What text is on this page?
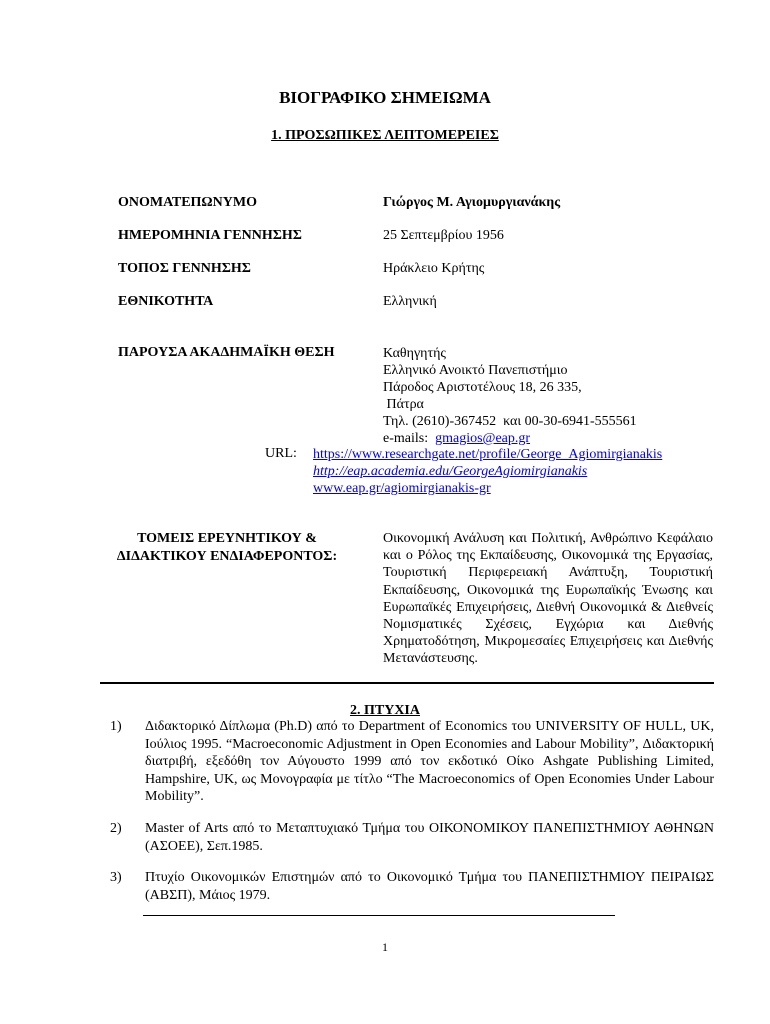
ΒΙΟΓΡΑΦΙΚΟ ΣΗΜΕΙΩΜΑ
1. ΠΡΟΣΩΠΙΚΕΣ ΛΕΠΤΟΜΕΡΕΙΕΣ
ΟΝΟΜΑΤΕΠΩΝΥΜΟ	Γιώργος Μ. Αγιομυργιανάκης
ΗΜΕΡΟΜΗΝΙΑ ΓΕΝΝΗΣΗΣ	25 Σεπτεμβρίου 1956
ΤΟΠΟΣ ΓΕΝΝΗΣΗΣ	Ηράκλειο Κρήτης
ΕΘΝΙΚΟΤΗΤΑ	Ελληνική
ΠΑΡΟΥΣΑ ΑΚΑΔΗΜΑΪΚΗ ΘΕΣΗ	Καθηγητής
Ελληνικό Ανοικτό Πανεπιστήμιο
Πάροδος Αριστοτέλους 18, 26 335,
Πάτρα
Τηλ. (2610)-367452  και 00-30-6941-555561
e-mails: gmagios@eap.gr
URL: https://www.researchgate.net/profile/George_Agiomirgianakis
http://eap.academia.edu/GeorgeAgiomirgianakis
www.eap.gr/agiomirgianakis-gr
ΤΟΜΕΙΣ ΕΡΕΥΝΗΤΙΚΟΥ &
ΔΙΔΑΚΤΙΚΟΥ ΕΝΔΙΑΦΕΡΟΝΤΟΣ:
Οικονομική Ανάλυση και Πολιτική, Ανθρώπινο Κεφάλαιο και ο Ρόλος της Εκπαίδευσης, Οικονομικά της Εργασίας, Τουριστική Περιφερειακή Ανάπτυξη, Τουριστική Εκπαίδευσης, Οικονομικά της Ευρωπαϊκής Ένωσης και Ευρωπαϊκές Επιχειρήσεις, Διεθνή Οικονομικά & Διεθνείς Νομισματικές Σχέσεις, Εγχώρια και Διεθνής Χρηματοδότηση, Μικρομεσαίες Επιχειρήσεις και Διεθνής Μετανάστευσης.
2. ΠΤΥΧΙΑ
1) Διδακτορικό Δίπλωμα (Ph.D) από το Department of Economics του UNIVERSITY OF HULL, UK, Ιούλιος 1995. “Macroeconomic Adjustment in Open Economies and Labour Mobility”, Διδακτορική διατριβή, εξεδόθη τον Αύγουστο 1999 από τον εκδοτικό Οίκο Ashgate Publishing Limited, Hampshire, UK, ως Μονογραφία με τίτλο “The Macroeconomics of Open Economies Under Labour Mobility”.
2) Master of Arts από το Μεταπτυχιακό Τμήμα του ΟΙΚΟΝΟΜΙΚΟΥ ΠΑΝΕΠΙΣΤΗΜΙΟΥ ΑΘΗΝΩΝ (ΑΣΟΕΕ), Σεπ.1985.
3) Πτυχίο Οικονομικών Επιστημών από το Οικονομικό Τμήμα του ΠΑΝΕΠΙΣΤΗΜΙΟΥ ΠΕΙΡΑΙΩΣ (ΑΒΣΠ), Μάιος 1979.
1
